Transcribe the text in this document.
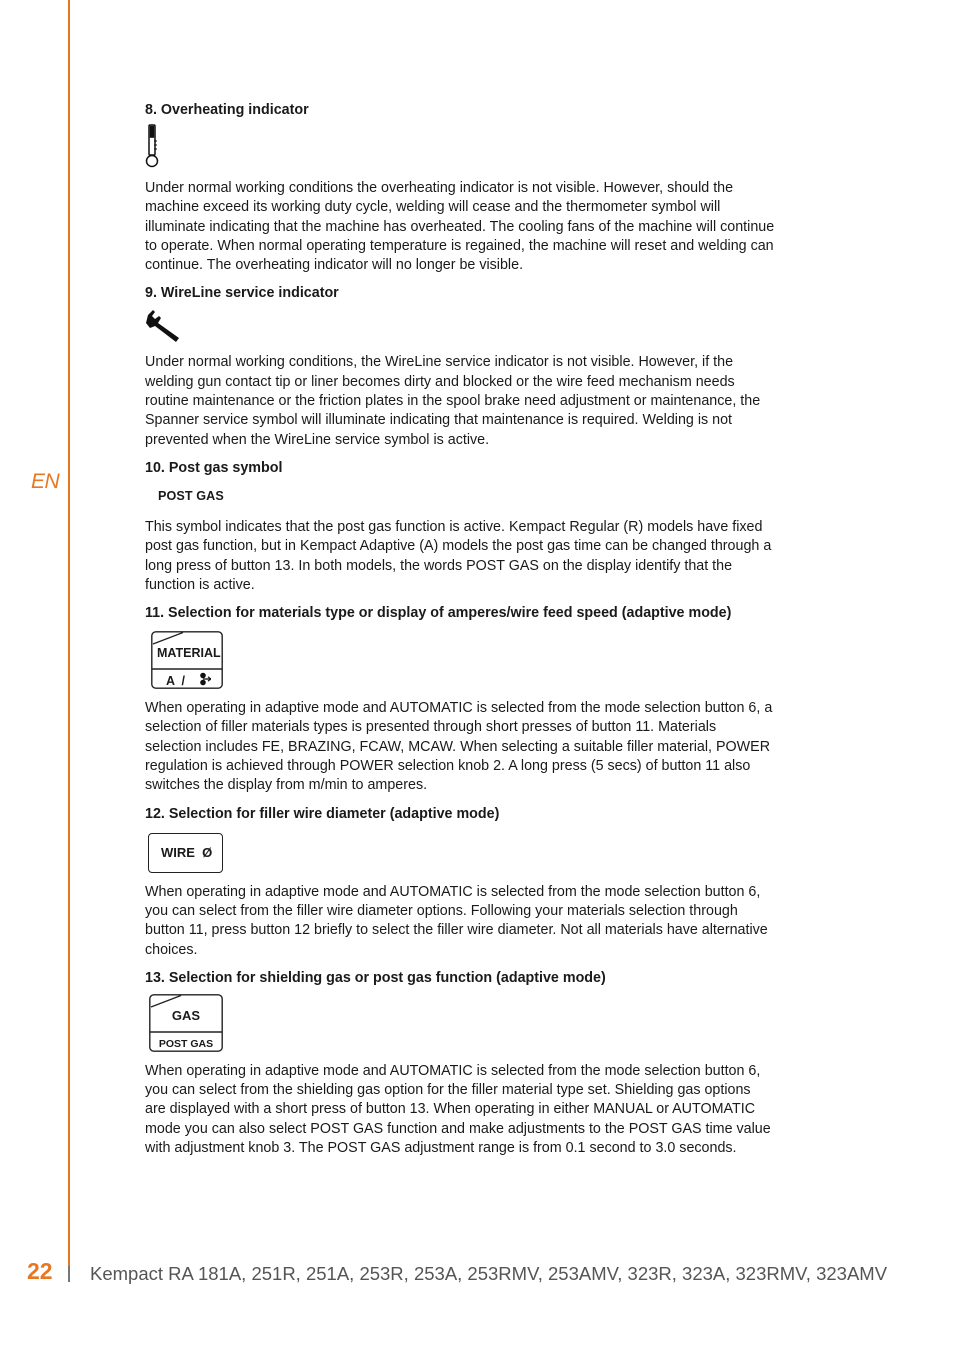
EN
8. Overheating indicator

Under normal working conditions the overheating indicator is not visible. However, should the machine exceed its working duty cycle, welding will cease and the thermometer symbol will illuminate indicating that the machine has overheated. The cooling fans of the machine will continue to operate. When normal operating temperature is regained, the machine will reset and welding can continue. The overheating indicator will no longer be visible.

9. WireLine service indicator

Under normal working conditions, the WireLine service indicator is not visible. However, if the welding gun contact tip or liner becomes dirty and blocked or the wire feed mechanism needs routine maintenance or the friction plates in the spool brake need adjustment or maintenance, the Spanner service symbol will illuminate indicating that maintenance is required. Welding is not prevented when the WireLine service symbol is active.

10. Post gas symbol
POST GAS

This symbol indicates that the post gas function is active. Kempact Regular (R) models have fixed post gas function, but in Kempact Adaptive (A) models the post gas time can be changed through a long press of button 13. In both models, the words POST GAS on the display identify that the function is active.

11. Selection for materials type or display of amperes/wire feed speed (adaptive mode)
MATERIAL
A  /

When operating in adaptive mode and AUTOMATIC is selected from the mode selection button 6, a selection of filler materials types is presented through short presses of button 11. Materials selection includes FE, BRAZING, FCAW, MCAW. When selecting a suitable filler material, POWER regulation is achieved through POWER selection knob 2. A long press (5 secs) of button 11 also switches the display from m/min to amperes.

12. Selection for filler wire diameter (adaptive mode)
WIRE  Ø

When operating in adaptive mode and AUTOMATIC is selected from the mode selection button 6, you can select from the filler wire diameter options. Following your materials selection through button 11, press button 12 briefly to select the filler wire diameter. Not all materials have alternative choices.

13. Selection for shielding gas or post gas function (adaptive mode)
GAS
POST GAS

When operating in adaptive mode and AUTOMATIC is selected from the mode selection button 6, you can select from the shielding gas option for the filler material type set. Shielding gas options are displayed with a short press of button 13. When operating in either MANUAL or AUTOMATIC mode you can also select POST GAS function and make adjustments to the POST GAS time value with adjustment knob 3. The POST GAS adjustment range is from 0.1 second to 3.0 seconds.

22 Kempact RA 181A, 251R, 251A, 253R, 253A, 253RMV, 253AMV, 323R, 323A, 323RMV, 323AMV
